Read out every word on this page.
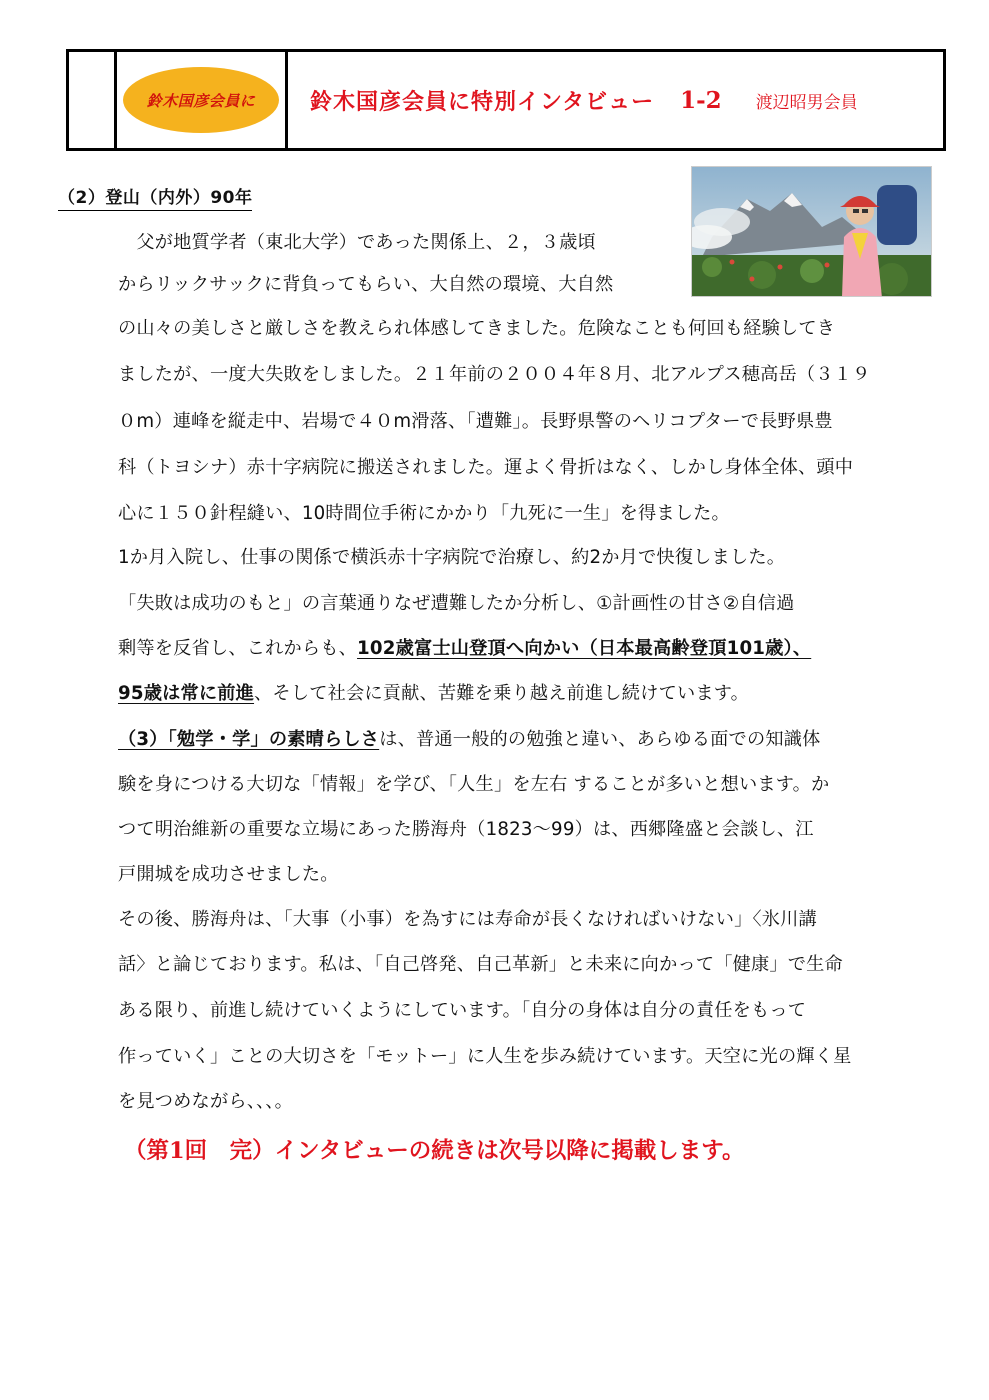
鈴木国彦会員に	鈴木国彦会員に特別インタビュー 1-2 渡辺昭男会員
（2）登山（内外）90年

　父が地質学者（東北大学）であった関係上、２，３歳頃

からリックサックに背負ってもらい、大自然の環境、大自然

の山々の美しさと厳しさを教えられ体感してきました。危険なことも何回も経験してき

ましたが、一度大失敗をしました。２１年前の２００４年８月、北アルプス穂高岳（３１９

０m）連峰を縦走中、岩場で４０m滑落、「遭難」。長野県警のヘリコプターで長野県豊

科（トヨシナ）赤十字病院に搬送されました。運よく骨折はなく、しかし身体全体、頭中

心に１５０針程縫い、10時間位手術にかかり「九死に一生」を得ました。

1か月入院し、仕事の関係で横浜赤十字病院で治療し、約2か月で快復しました。

「失敗は成功のもと」の言葉通りなぜ遭難したか分析し、①計画性の甘さ②自信過

剰等を反省し、これからも、102歳富士山登頂へ向かい（日本最高齢登頂101歳）、

95歳は常に前進、そして社会に貢献、苦難を乗り越え前進し続けています。

（3）「勉学・学」の素晴らしさは、普通一般的の勉強と違い、あらゆる面での知識体

験を身につける大切な「情報」を学び、「人生」を左右 することが多いと想います。か

つて明治維新の重要な立場にあった勝海舟（1823～99）は、西郷隆盛と会談し、江

戸開城を成功させました。

その後、勝海舟は、「大事（小事）を為すには寿命が長くなければいけない」〈氷川講

話〉と論じております。私は、「自己啓発、自己革新」と未来に向かって「健康」で生命

ある限り、前進し続けていくようにしています。「自分の身体は自分の責任をもって

作っていく」ことの大切さを「モットー」に人生を歩み続けています。天空に光の輝く星

を見つめながら、、、。

（第1回　完）インタビューの続きは次号以降に掲載します。
